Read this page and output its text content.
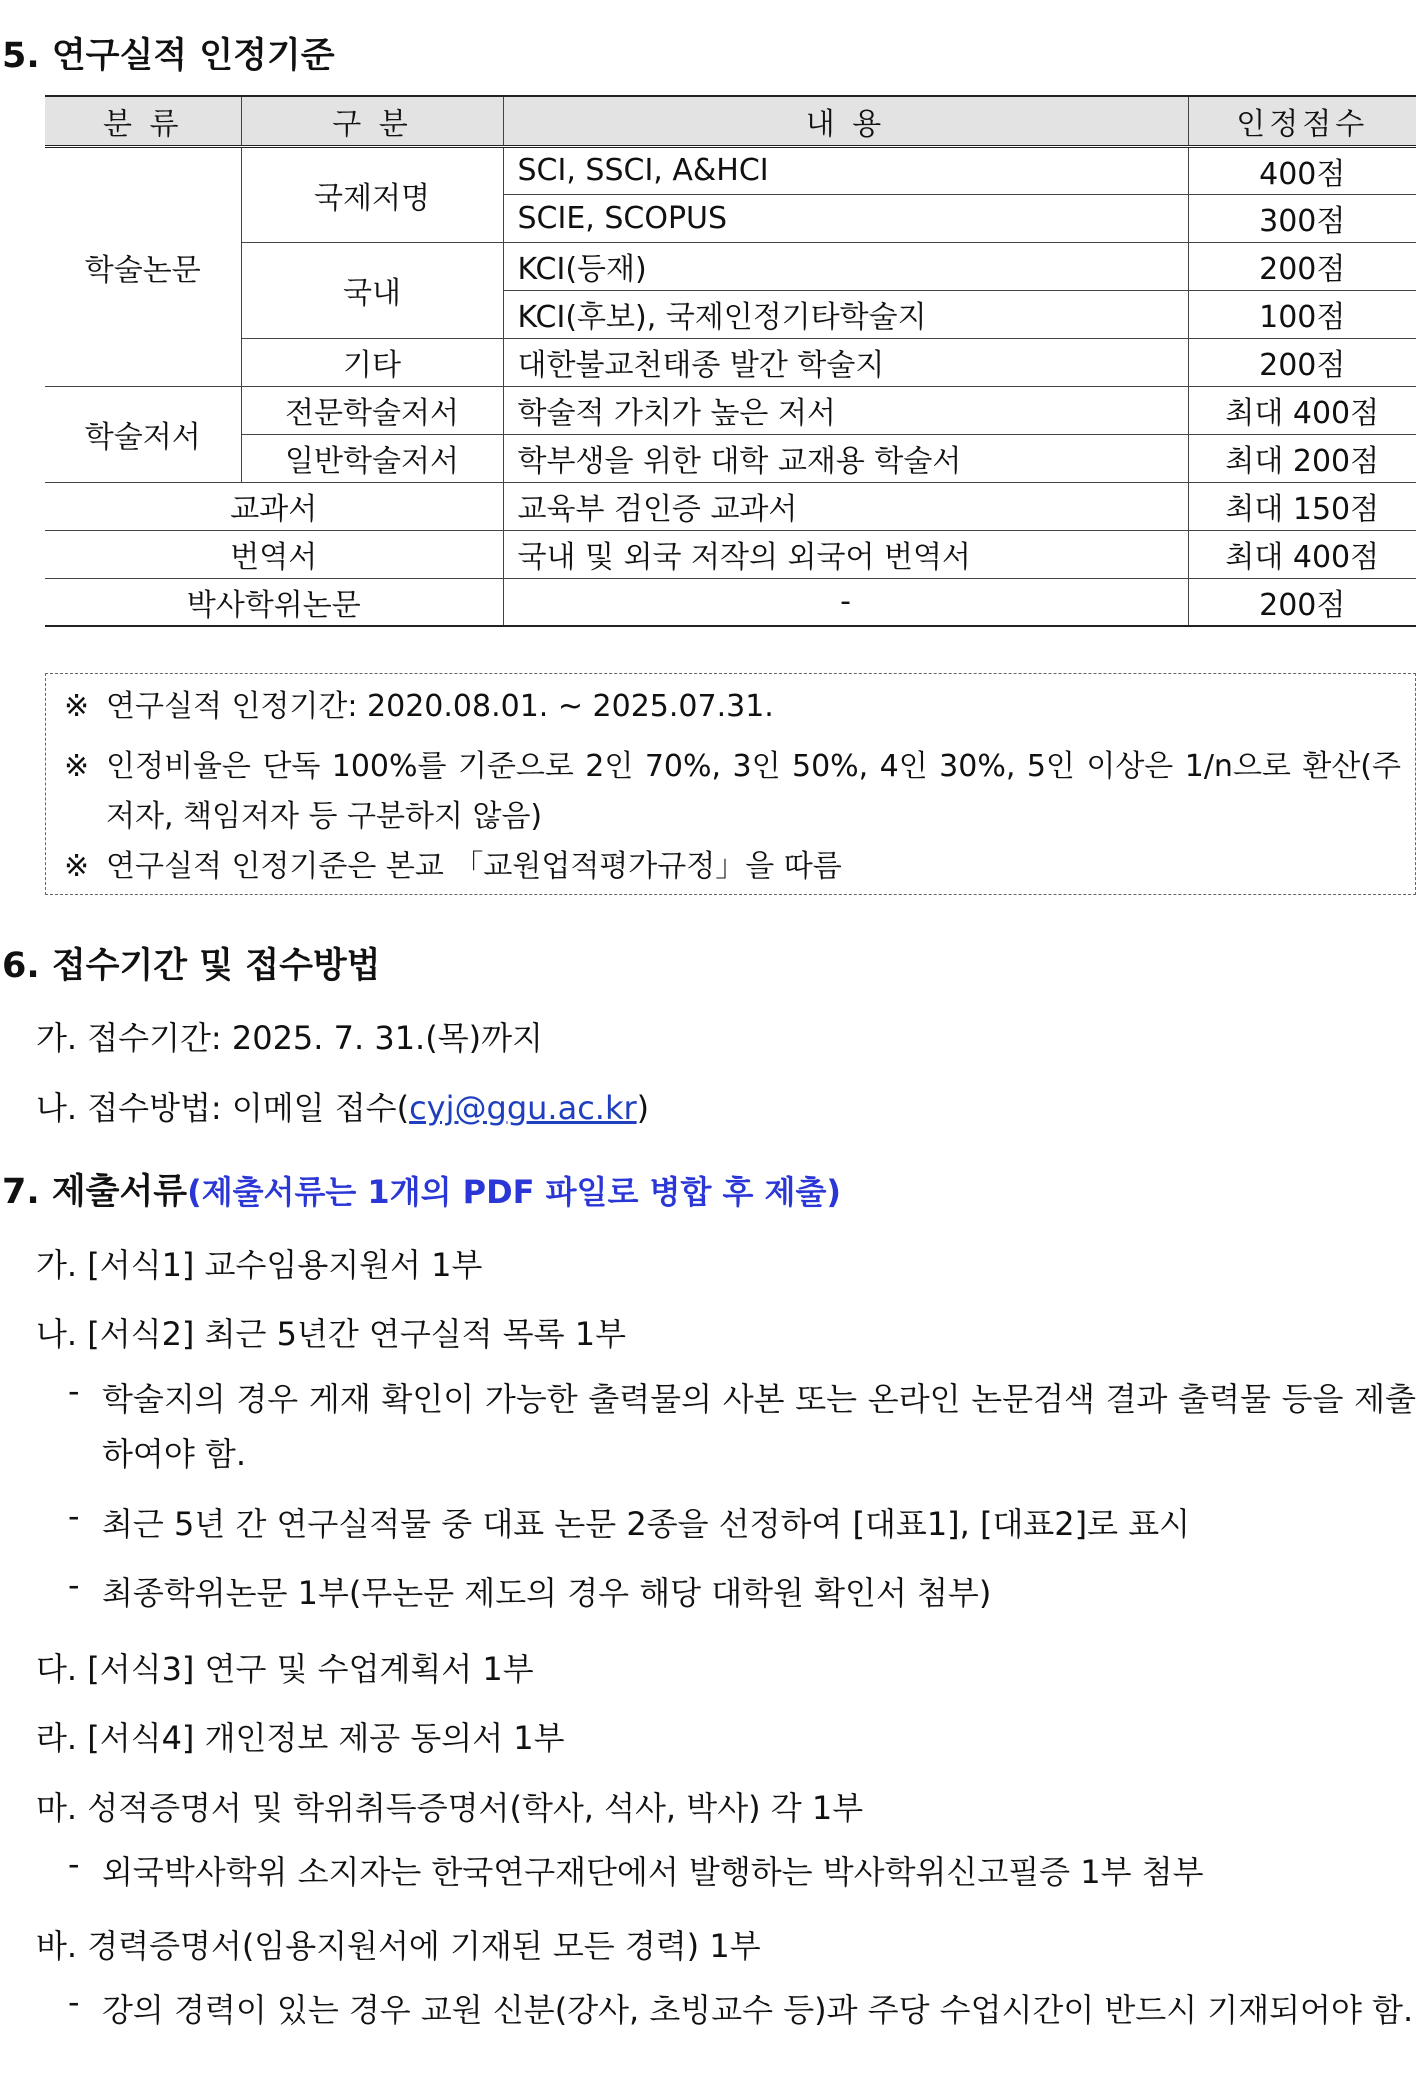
5. 연구실적 인정기준
분 류	구 분	내 용	인정점수
학술논문	국제저명	SCI, SSCI, A&HCI	400점
		SCIE, SCOPUS	300점
	국내	KCI(등재)	200점
		KCI(후보), 국제인정기타학술지	100점
	기타	대한불교천태종 발간 학술지	200점
학술저서	전문학술저서	학술적 가치가 높은 저서	최대 400점
	일반학술저서	학부생을 위한 대학 교재용 학술서	최대 200점
교과서		교육부 검인증 교과서	최대 150점
번역서		국내 및 외국 저작의 외국어 번역서	최대 400점
박사학위논문		-	200점
※ 연구실적 인정기간: 2020.08.01. ~ 2025.07.31.
※ 인정비율은 단독 100%를 기준으로 2인 70%, 3인 50%, 4인 30%, 5인 이상은 1/n으로 환산(주저자, 책임저자 등 구분하지 않음)
※ 연구실적 인정기준은 본교 「교원업적평가규정」을 따름
6. 접수기간 및 접수방법
가. 접수기간: 2025. 7. 31.(목)까지
나. 접수방법: 이메일 접수(cyj@ggu.ac.kr)
7. 제출서류(제출서류는 1개의 PDF 파일로 병합 후 제출)
가. [서식1] 교수임용지원서 1부
나. [서식2] 최근 5년간 연구실적 목록 1부
- 학술지의 경우 게재 확인이 가능한 출력물의 사본 또는 온라인 논문검색 결과 출력물 등을 제출하여야 함.
- 최근 5년 간 연구실적물 중 대표 논문 2종을 선정하여 [대표1], [대표2]로 표시
- 최종학위논문 1부(무논문 제도의 경우 해당 대학원 확인서 첨부)
다. [서식3] 연구 및 수업계획서 1부
라. [서식4] 개인정보 제공 동의서 1부
마. 성적증명서 및 학위취득증명서(학사, 석사, 박사) 각 1부
- 외국박사학위 소지자는 한국연구재단에서 발행하는 박사학위신고필증 1부 첨부
바. 경력증명서(임용지원서에 기재된 모든 경력) 1부
- 강의 경력이 있는 경우 교원 신분(강사, 초빙교수 등)과 주당 수업시간이 반드시 기재되어야 함.
